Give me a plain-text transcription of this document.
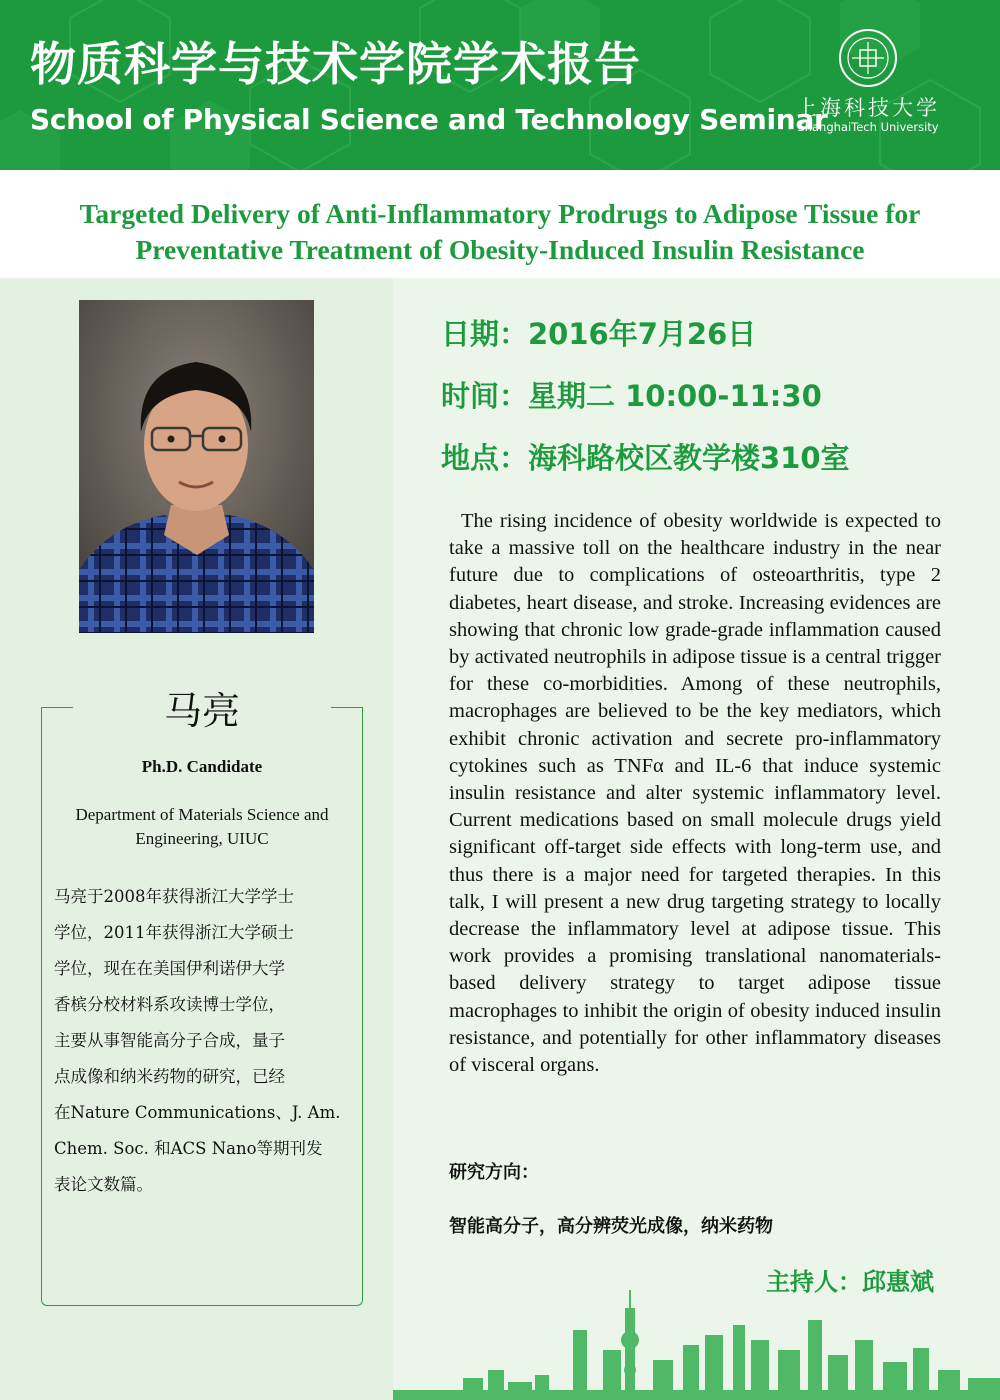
物质科学与技术学院学术报告
School of Physical Science and Technology Seminar
上海科技大学
ShanghaiTech University
Targeted Delivery of Anti-Inflammatory Prodrugs to Adipose Tissue for
Preventative Treatment of Obesity-Induced Insulin Resistance
马亮
Ph.D. Candidate
Department of Materials Science and Engineering, UIUC
马亮于2008年获得浙江大学学士
学位，2011年获得浙江大学硕士
学位，现在在美国伊利诺伊大学
香槟分校材料系攻读博士学位，
主要从事智能高分子合成，量子
点成像和纳米药物的研究，已经
在Nature Communications、J. Am.
Chem. Soc. 和ACS Nano等期刊发
表论文数篇。
日期：2016年7月26日
时间：星期二 10:00-11:30
地点：海科路校区教学楼310室
The rising incidence of obesity worldwide is expected to take a massive toll on the healthcare industry in the near future due to complications of osteoarthritis, type 2 diabetes, heart disease, and stroke. Increasing evidences are showing that chronic low grade-grade inflammation caused by activated neutrophils in adipose tissue is a central trigger for these co-morbidities. Among of these neutrophils, macrophages are believed to be the key mediators, which exhibit chronic activation and secrete pro-inflammatory cytokines such as TNFα and IL-6 that induce systemic insulin resistance and alter systemic inflammatory level. Current medications based on small molecule drugs yield significant off-target side effects with long-term use, and thus there is a major need for targeted therapies. In this talk, I will present a new drug targeting strategy to locally decrease the inflammatory level at adipose tissue. This work provides a promising translational nanomaterials-based delivery strategy to target adipose tissue macrophages to inhibit the origin of obesity induced insulin resistance, and potentially for other inflammatory diseases of visceral organs.
研究方向：
智能高分子，高分辨荧光成像，纳米药物
主持人：邱惠斌
